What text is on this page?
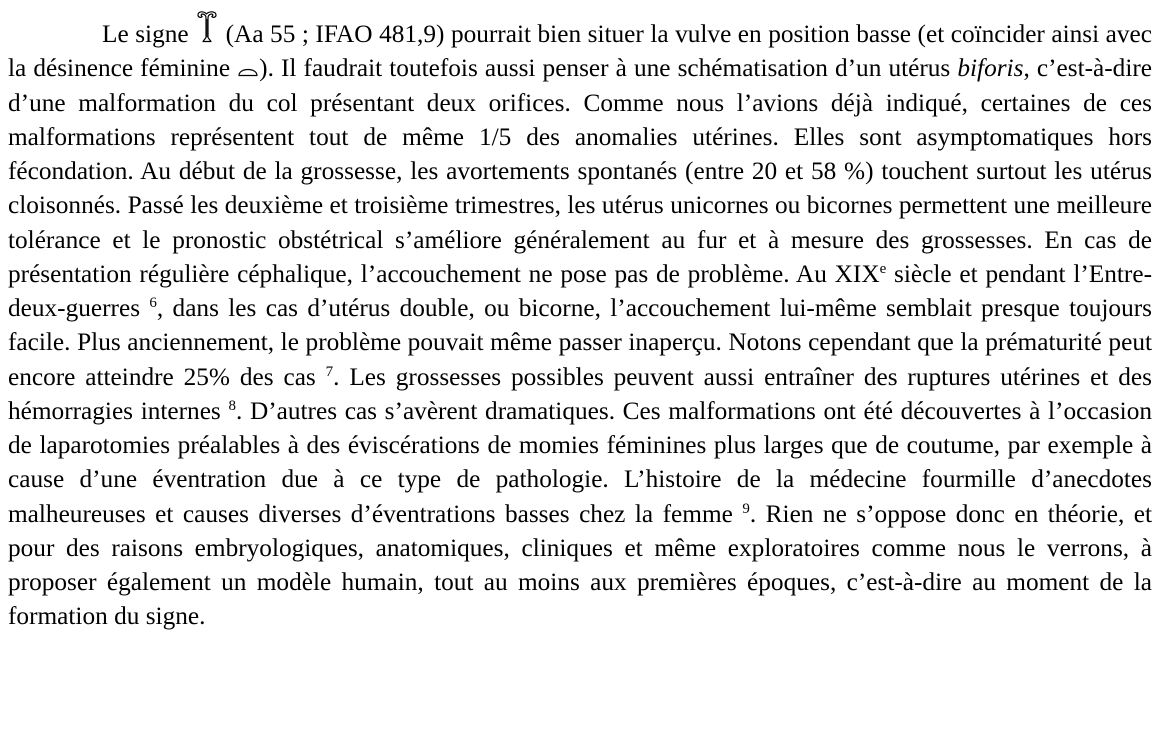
Le signe (Aa 55 ; IFAO 481,9) pourrait bien situer la vulve en position basse (et coïncider ainsi avec la désinence féminine ). Il faudrait toutefois aussi penser à une schématisation d’un utérus biforis, c’est-à-dire d’une malformation du col présentant deux orifices. Comme nous l’avions déjà indiqué, certaines de ces malformations représentent tout de même 1/5 des anomalies utérines. Elles sont asymptomatiques hors fécondation. Au début de la grossesse, les avortements spontanés (entre 20 et 58 %) touchent surtout les utérus cloisonnés. Passé les deuxième et troisième trimestres, les utérus unicornes ou bicornes permettent une meilleure tolérance et le pronostic obstétrical s’améliore généralement au fur et à mesure des grossesses. En cas de présentation régulière céphalique, l’accouchement ne pose pas de problème. Au XIXe siècle et pendant l’Entre-deux-guerres $^6$, dans les cas d’utérus double, ou bicorne, l’accouchement lui-même semblait presque toujours facile. Plus anciennement, le problème pouvait même passer inaperçu. Notons cependant que la prématurité peut encore atteindre 25% des cas $^7$. Les grossesses possibles peuvent aussi entraîner des ruptures utérines et des hémorragies internes $^8$. D’autres cas s’avèrent dramatiques. Ces malformations ont été découvertes à l’occasion de laparotomies préalables à des éviscérations de momies féminines plus larges que de coutume, par exemple à cause d’une éventration due à ce type de pathologie. L’histoire de la médecine fourmille d’anecdotes malheureuses et causes diverses d’éventrations basses chez la femme $^9$. Rien ne s’oppose donc en théorie, et pour des raisons embryologiques, anatomiques, cliniques et même exploratoires comme nous le verrons, à proposer également un modèle humain, tout au moins aux premières époques, c’est-à-dire au moment de la formation du signe.
